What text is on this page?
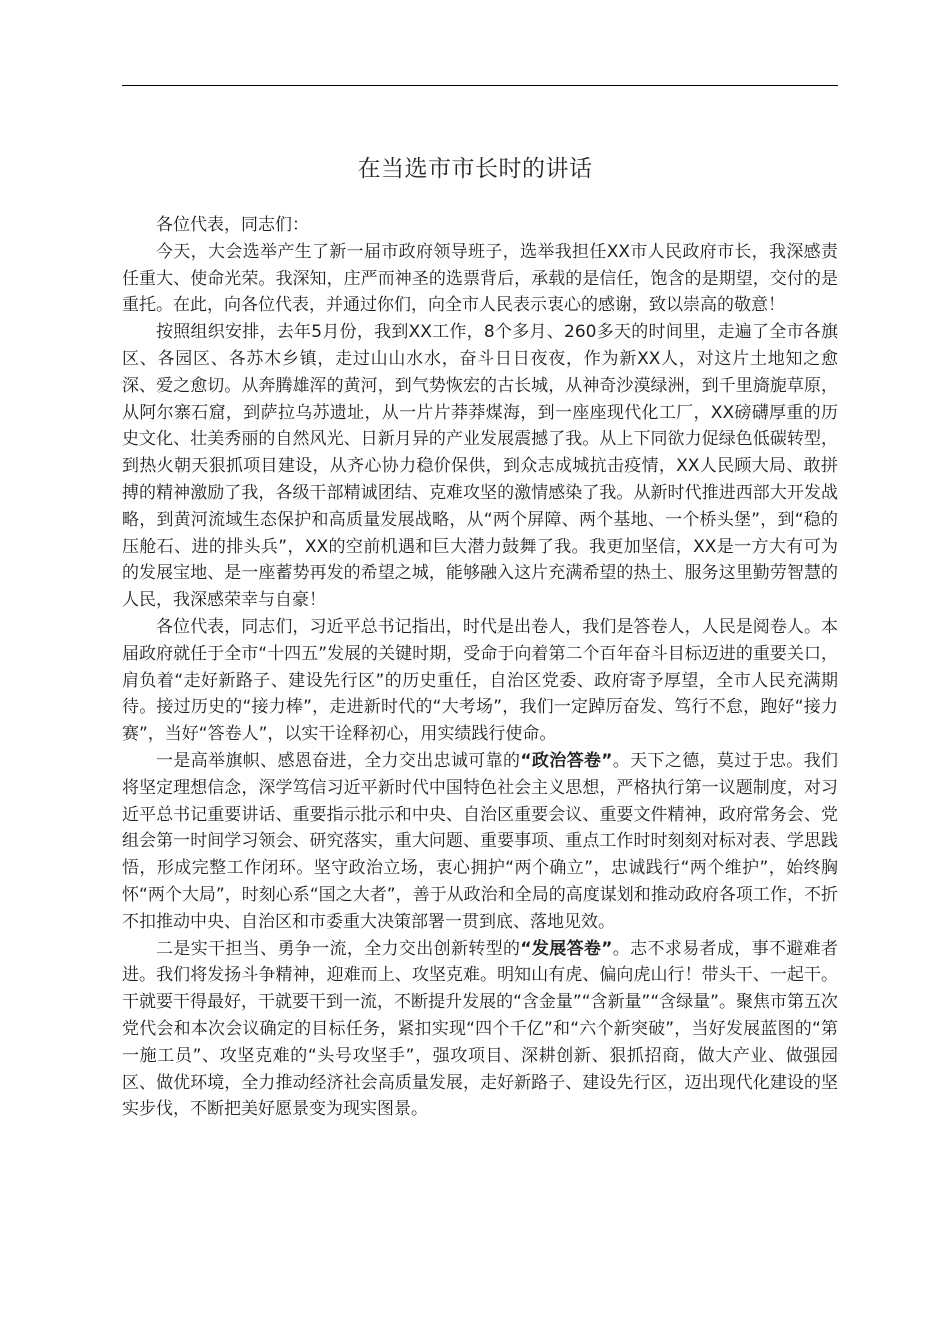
在当选市市长时的讲话

各位代表，同志们：

今天，大会选举产生了新一届市政府领导班子，选举我担任XX市人民政府市长，我深感责任重大、使命光荣。我深知，庄严而神圣的选票背后，承载的是信任，饱含的是期望，交付的是重托。在此，向各位代表，并通过你们，向全市人民表示衷心的感谢，致以崇高的敬意！

按照组织安排，去年5月份，我到XX工作，8个多月、260多天的时间里，走遍了全市各旗区、各园区、各苏木乡镇，走过山山水水，奋斗日日夜夜，作为新XX人，对这片土地知之愈深、爱之愈切。从奔腾雄浑的黄河，到气势恢宏的古长城，从神奇沙漠绿洲，到千里旖旎草原，从阿尔寨石窟，到萨拉乌苏遗址，从一片片莽莽煤海，到一座座现代化工厂，XX磅礴厚重的历史文化、壮美秀丽的自然风光、日新月异的产业发展震撼了我。从上下同欲力促绿色低碳转型，到热火朝天狠抓项目建设，从齐心协力稳价保供，到众志成城抗击疫情，XX人民顾大局、敢拼搏的精神激励了我，各级干部精诚团结、克难攻坚的激情感染了我。从新时代推进西部大开发战略，到黄河流域生态保护和高质量发展战略，从“两个屏障、两个基地、一个桥头堡”，到“稳的压舱石、进的排头兵”，XX的空前机遇和巨大潜力鼓舞了我。我更加坚信，XX是一方大有可为的发展宝地、是一座蓄势再发的希望之城，能够融入这片充满希望的热土、服务这里勤劳智慧的人民，我深感荣幸与自豪！

各位代表，同志们，习近平总书记指出，时代是出卷人，我们是答卷人，人民是阅卷人。本届政府就任于全市“十四五”发展的关键时期，受命于向着第二个百年奋斗目标迈进的重要关口，肩负着“走好新路子、建设先行区”的历史重任，自治区党委、政府寄予厚望，全市人民充满期待。接过历史的“接力棒”，走进新时代的“大考场”，我们一定踔厉奋发、笃行不怠，跑好“接力赛”，当好“答卷人”，以实干诠释初心，用实绩践行使命。

一是高举旗帜、感恩奋进，全力交出忠诚可靠的“政治答卷”。天下之德，莫过于忠。我们将坚定理想信念，深学笃信习近平新时代中国特色社会主义思想，严格执行第一议题制度，对习近平总书记重要讲话、重要指示批示和中央、自治区重要会议、重要文件精神，政府常务会、党组会第一时间学习领会、研究落实，重大问题、重要事项、重点工作时时刻刻对标对表、学思践悟，形成完整工作闭环。坚守政治立场，衷心拥护“两个确立”，忠诚践行“两个维护”，始终胸怀“两个大局”，时刻心系“国之大者”，善于从政治和全局的高度谋划和推动政府各项工作，不折不扣推动中央、自治区和市委重大决策部署一贯到底、落地见效。

二是实干担当、勇争一流，全力交出创新转型的“发展答卷”。志不求易者成，事不避难者进。我们将发扬斗争精神，迎难而上、攻坚克难。明知山有虎、偏向虎山行！带头干、一起干。干就要干得最好，干就要干到一流，不断提升发展的“含金量”“含新量”“含绿量”。聚焦市第五次党代会和本次会议确定的目标任务，紧扣实现“四个千亿”和“六个新突破”，当好发展蓝图的“第一施工员”、攻坚克难的“头号攻坚手”，强攻项目、深耕创新、狠抓招商，做大产业、做强园区、做优环境，全力推动经济社会高质量发展，走好新路子、建设先行区，迈出现代化建设的坚实步伐，不断把美好愿景变为现实图景。
